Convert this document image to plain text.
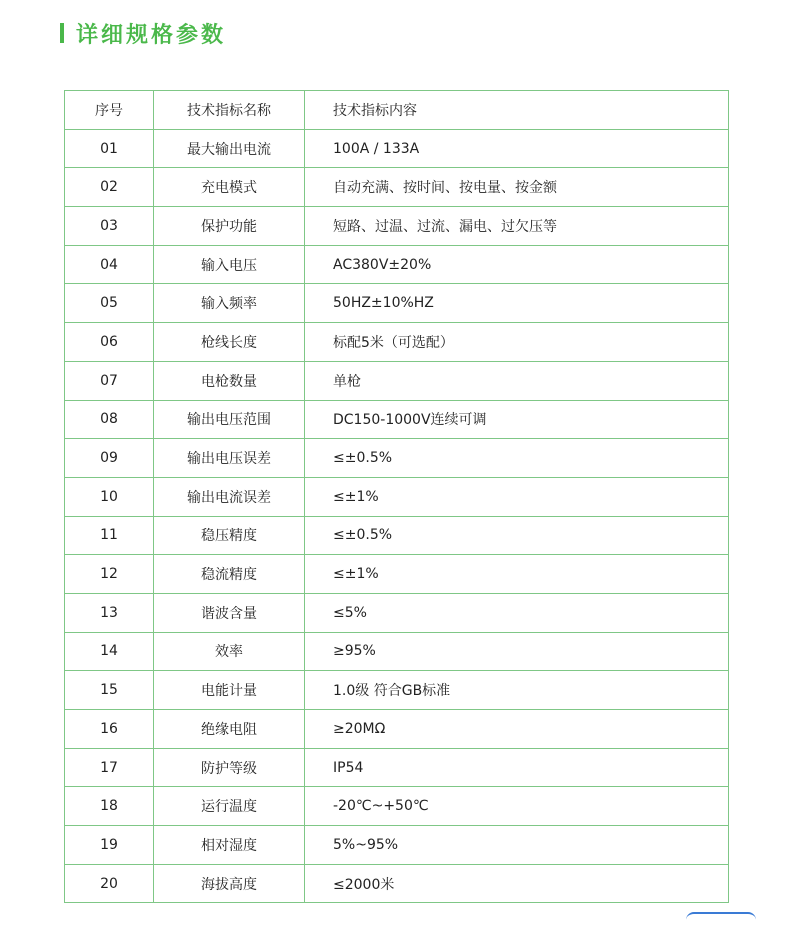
详细规格参数
序号	技术指标名称	技术指标内容
01	最大输出电流	100A / 133A
02	充电模式	自动充满、按时间、按电量、按金额
03	保护功能	短路、过温、过流、漏电、过欠压等
04	输入电压	AC380V±20%
05	输入频率	50HZ±10%HZ
06	枪线长度	标配5米（可选配）
07	电枪数量	单枪
08	输出电压范围	DC150-1000V连续可调
09	输出电压误差	≤±0.5%
10	输出电流误差	≤±1%
11	稳压精度	≤±0.5%
12	稳流精度	≤±1%
13	谐波含量	≤5%
14	效率	≥95%
15	电能计量	1.0级 符合GB标准
16	绝缘电阻	≥20MΩ
17	防护等级	IP54
18	运行温度	-20℃~+50℃
19	相对湿度	5%~95%
20	海拔高度	≤2000米
